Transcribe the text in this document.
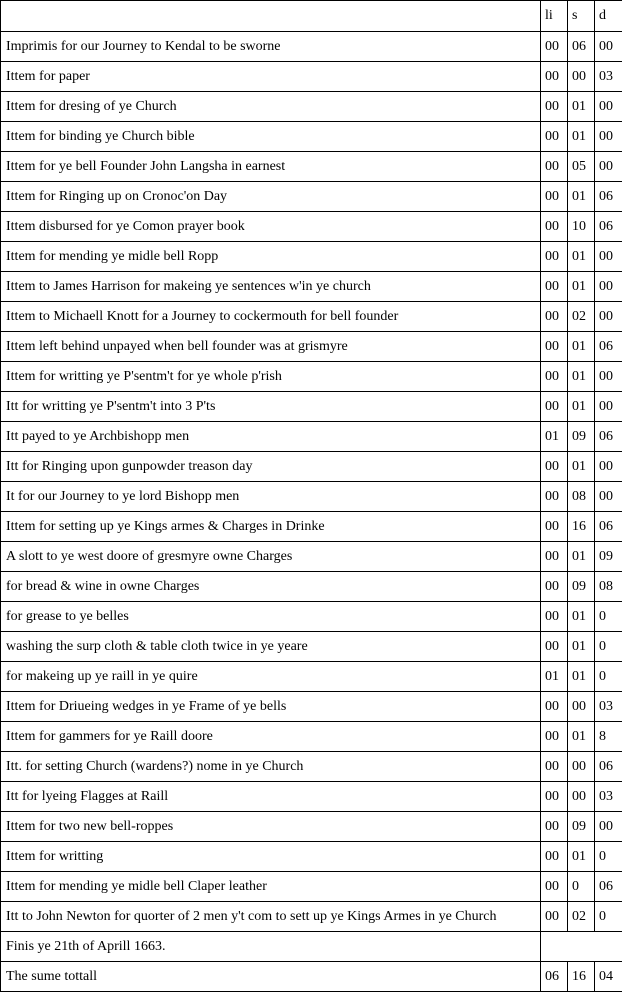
	li	s	d
Imprimis for our Journey to Kendal to be sworne	00	06	00
Ittem for paper	00	00	03
Ittem for dresing of ye Church	00	01	00
Ittem for binding ye Church bible	00	01	00
Ittem for ye bell Founder John Langsha in earnest	00	05	00
Ittem for Ringing up on Cronoc'on Day	00	01	06
Ittem disbursed for ye Comon prayer book	00	10	06
Ittem for mending ye midle bell Ropp	00	01	00
Ittem to James Harrison for makeing ye sentences w'in ye church	00	01	00
Ittem to Michaell Knott for a Journey to cockermouth for bell founder	00	02	00
Ittem left behind unpayed when bell founder was at grismyre	00	01	06
Ittem for writting ye P'sentm't for ye whole p'rish	00	01	00
Itt for writting ye P'sentm't into 3 P'ts	00	01	00
Itt payed to ye Archbishopp men	01	09	06
Itt for Ringing upon gunpowder treason day	00	01	00
It for our Journey to ye lord Bishopp men	00	08	00
Ittem for setting up ye Kings armes & Charges in Drinke	00	16	06
A slott to ye west doore of gresmyre owne Charges	00	01	09
for bread & wine in owne Charges	00	09	08
for grease to ye belles	00	01	0
washing the surp cloth & table cloth twice in ye yeare	00	01	0
for makeing up ye raill in ye quire	01	01	0
Ittem for Driueing wedges in ye Frame of ye bells	00	00	03
Ittem for gammers for ye Raill doore	00	01	8
Itt. for setting Church (wardens?) nome in ye Church	00	00	06
Itt for lyeing Flagges at Raill	00	00	03
Ittem for two new bell-roppes	00	09	00
Ittem for writting	00	01	0
Ittem for mending ye midle bell Claper leather	00	0	06
Itt to John Newton for quorter of 2 men y't com to sett up ye Kings Armes in ye Church	00	02	0
Finis ye 21th of Aprill 1663.			
The sume tottall	06	16	04
